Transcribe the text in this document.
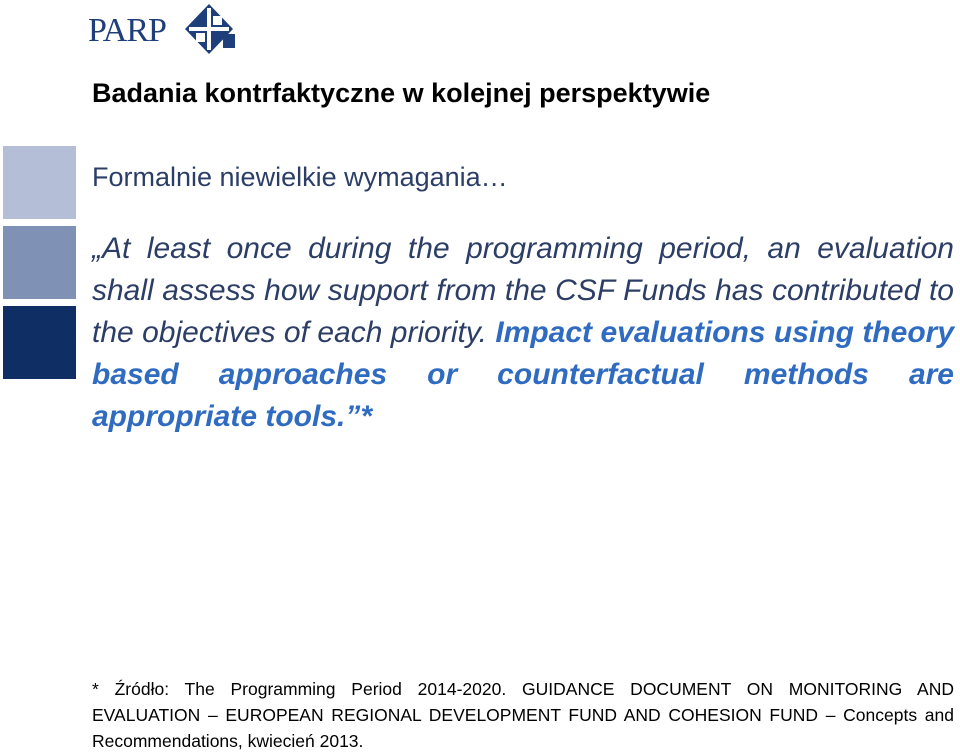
PARP
Badania kontrfaktyczne w kolejnej perspektywie
Formalnie niewielkie wymagania…
„At least once during the programming period, an evaluation shall assess how support from the CSF Funds has contributed to the objectives of each priority. Impact evaluations using theory based approaches or counterfactual methods are appropriate tools.”*
* Źródło: The Programming Period 2014-2020. GUIDANCE DOCUMENT ON MONITORING AND EVALUATION – EUROPEAN REGIONAL DEVELOPMENT FUND AND COHESION FUND – Concepts and Recommendations, kwiecień 2013.
